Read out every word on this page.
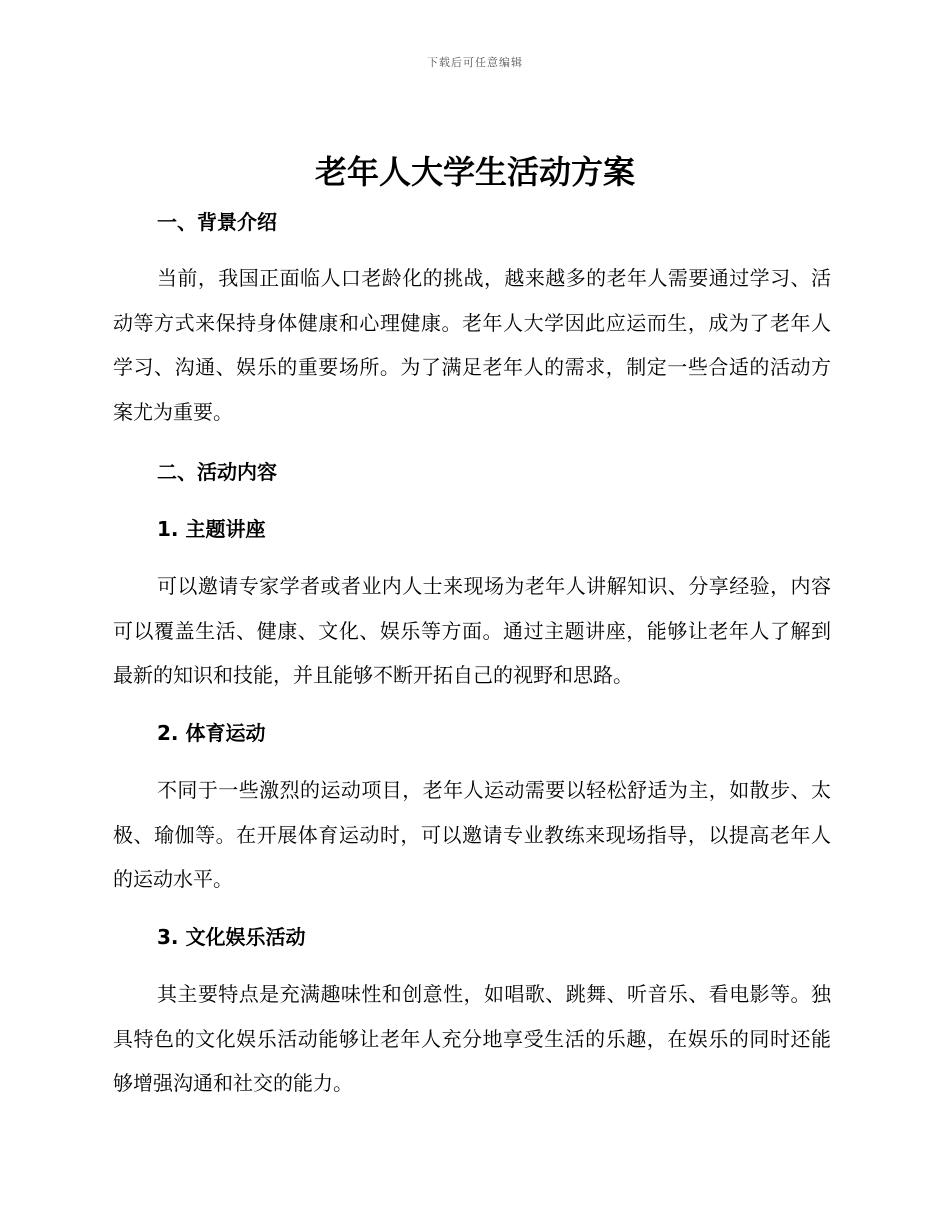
下载后可任意编辑
老年人大学生活动方案
一、背景介绍
当前，我国正面临人口老龄化的挑战，越来越多的老年人需要通过学习、活动等方式来保持身体健康和心理健康。老年人大学因此应运而生，成为了老年人学习、沟通、娱乐的重要场所。为了满足老年人的需求，制定一些合适的活动方案尤为重要。
二、活动内容
1. 主题讲座
可以邀请专家学者或者业内人士来现场为老年人讲解知识、分享经验，内容可以覆盖生活、健康、文化、娱乐等方面。通过主题讲座，能够让老年人了解到最新的知识和技能，并且能够不断开拓自己的视野和思路。
2. 体育运动
不同于一些激烈的运动项目，老年人运动需要以轻松舒适为主，如散步、太极、瑜伽等。在开展体育运动时，可以邀请专业教练来现场指导，以提高老年人的运动水平。
3. 文化娱乐活动
其主要特点是充满趣味性和创意性，如唱歌、跳舞、听音乐、看电影等。独具特色的文化娱乐活动能够让老年人充分地享受生活的乐趣，在娱乐的同时还能够增强沟通和社交的能力。
